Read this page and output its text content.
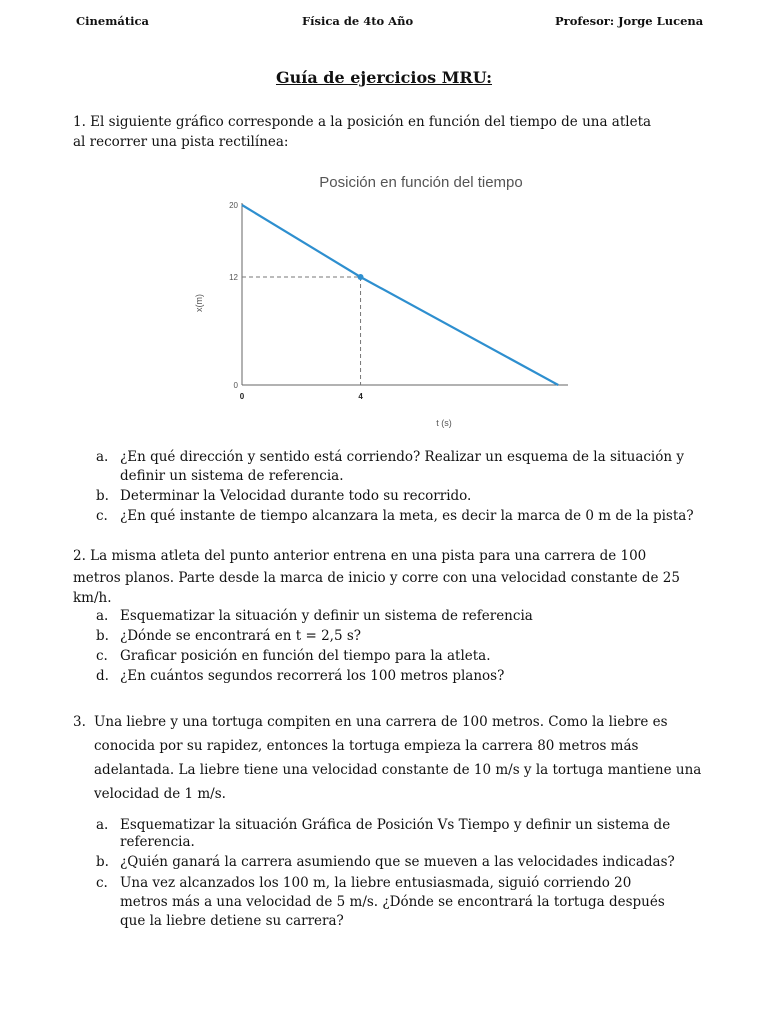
Cinemática	Física de 4to Año	Profesor: Jorge Lucena
Guía de ejercicios MRU:
1. El siguiente gráfico corresponde a la posición en función del tiempo de una atleta
al recorrer una pista rectilínea:
Posición en función del tiempo
x(m)
t (s)
20
12
0
0	4
a. ¿En qué dirección y sentido está corriendo? Realizar un esquema de la situación y
definir un sistema de referencia.
b. Determinar la Velocidad durante todo su recorrido.
c. ¿En qué instante de tiempo alcanzara la meta, es decir la marca de 0 m de la pista?
2. La misma atleta del punto anterior entrena en una pista para una carrera de 100
metros planos. Parte desde la marca de inicio y corre con una velocidad constante de 25
km/h.
a. Esquematizar la situación y definir un sistema de referencia
b. ¿Dónde se encontrará en t = 2,5 s?
c. Graficar posición en función del tiempo para la atleta.
d. ¿En cuántos segundos recorrerá los 100 metros planos?
3. Una liebre y una tortuga compiten en una carrera de 100 metros. Como la liebre es
conocida por su rapidez, entonces la tortuga empieza la carrera 80 metros más
adelantada. La liebre tiene una velocidad constante de 10 m/s y la tortuga mantiene una
velocidad de 1 m/s.
a. Esquematizar la situación Gráfica de Posición Vs Tiempo y definir un sistema de
referencia.
b. ¿Quién ganará la carrera asumiendo que se mueven a las velocidades indicadas?
c. Una vez alcanzados los 100 m, la liebre entusiasmada, siguió corriendo 20
metros más a una velocidad de 5 m/s. ¿Dónde se encontrará la tortuga después
que la liebre detiene su carrera?
